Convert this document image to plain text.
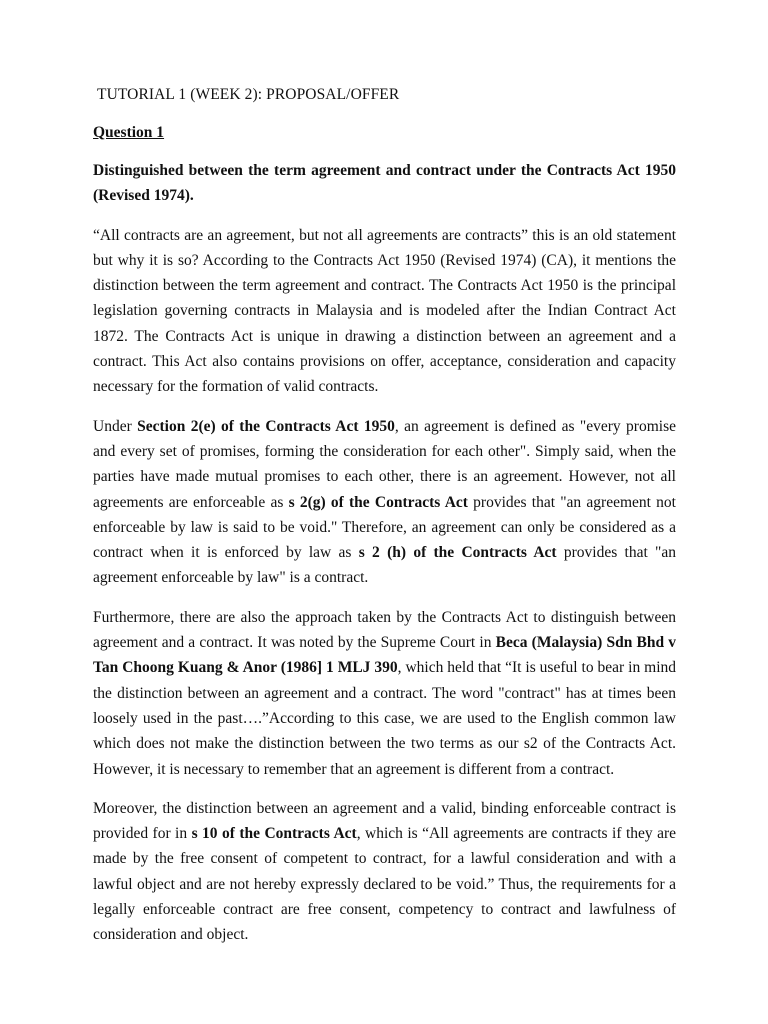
TUTORIAL 1 (WEEK 2): PROPOSAL/OFFER
Question 1

Distinguished between the term agreement and contract under the Contracts Act 1950 (Revised 1974).

“All contracts are an agreement, but not all agreements are contracts” this is an old statement but why it is so? According to the Contracts Act 1950 (Revised 1974) (CA), it mentions the distinction between the term agreement and contract. The Contracts Act 1950 is the principal legislation governing contracts in Malaysia and is modeled after the Indian Contract Act 1872. The Contracts Act is unique in drawing a distinction between an agreement and a contract. This Act also contains provisions on offer, acceptance, consideration and capacity necessary for the formation of valid contracts.

Under Section 2(e) of the Contracts Act 1950, an agreement is defined as "every promise and every set of promises, forming the consideration for each other". Simply said, when the parties have made mutual promises to each other, there is an agreement. However, not all agreements are enforceable as s 2(g) of the Contracts Act provides that "an agreement not enforceable by law is said to be void." Therefore, an agreement can only be considered as a contract when it is enforced by law as s 2 (h) of the Contracts Act provides that "an agreement enforceable by law" is a contract.

Furthermore, there are also the approach taken by the Contracts Act to distinguish between agreement and a contract. It was noted by the Supreme Court in Beca (Malaysia) Sdn Bhd v Tan Choong Kuang & Anor (1986] 1 MLJ 390, which held that “It is useful to bear in mind the distinction between an agreement and a contract. The word "contract" has at times been loosely used in the past….”According to this case, we are used to the English common law which does not make the distinction between the two terms as our s2 of the Contracts Act. However, it is necessary to remember that an agreement is different from a contract.

Moreover, the distinction between an agreement and a valid, binding enforceable contract is provided for in s 10 of the Contracts Act, which is “All agreements are contracts if they are made by the free consent of competent to contract, for a lawful consideration and with a lawful object and are not hereby expressly declared to be void.” Thus, the requirements for a legally enforceable contract are free consent, competency to contract and lawfulness of consideration and object.
